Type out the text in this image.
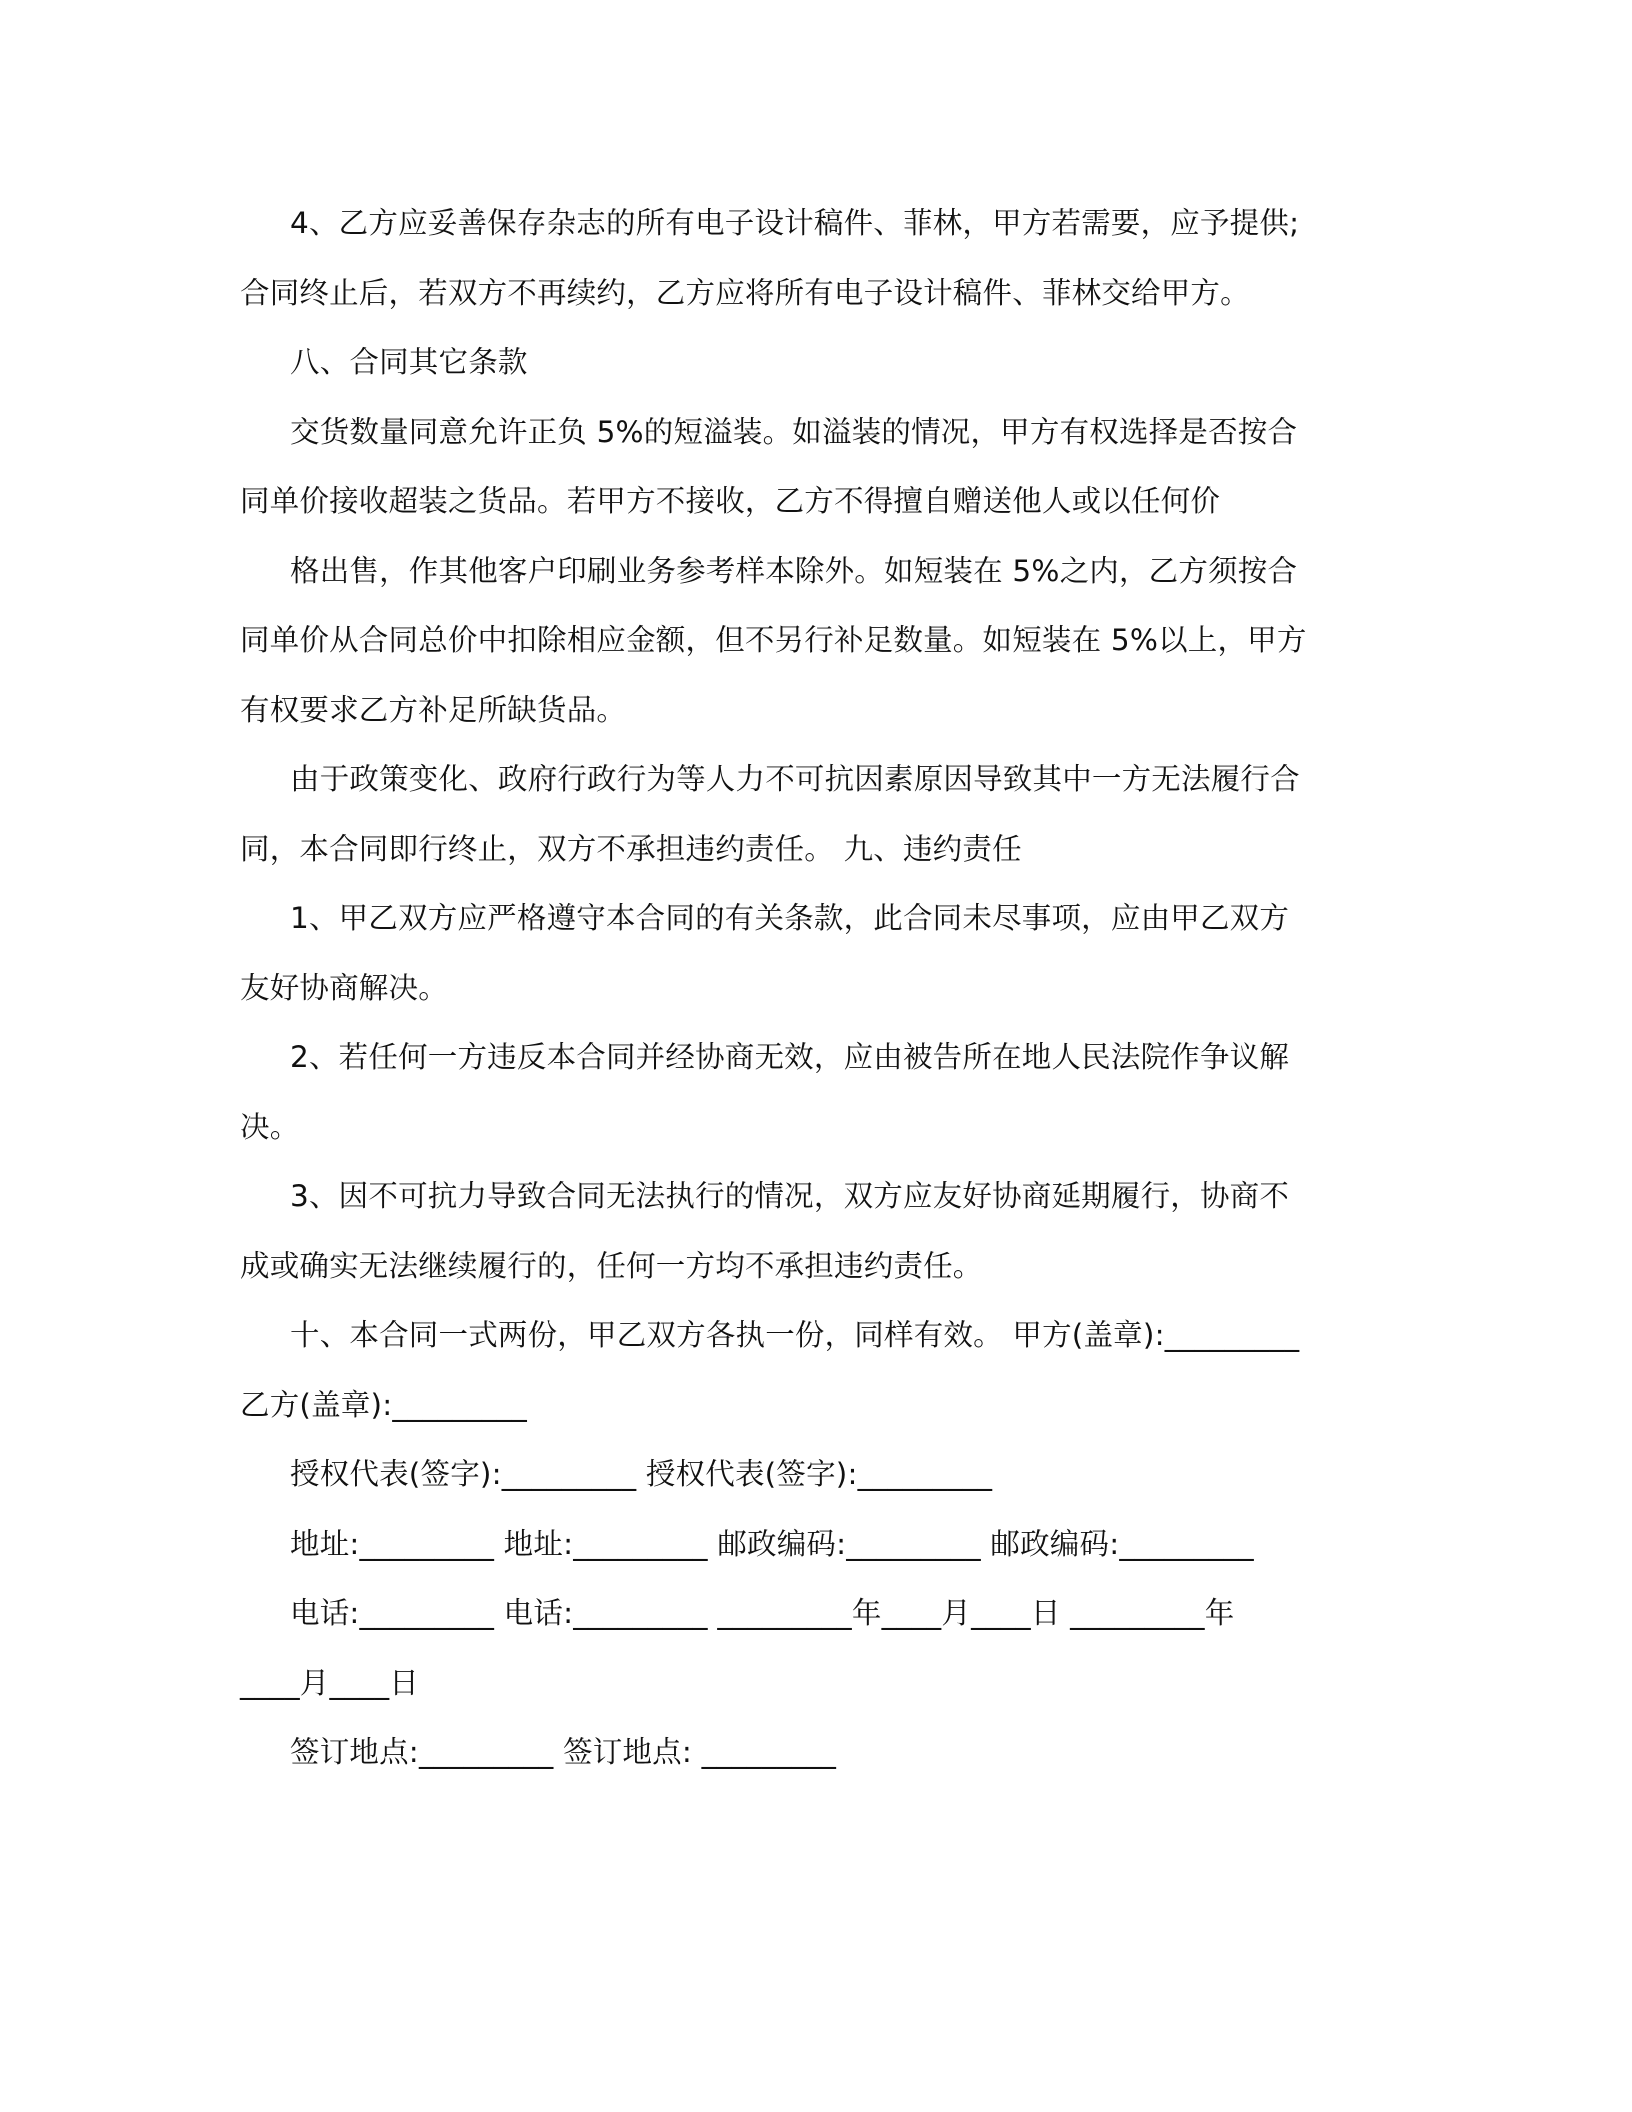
4、乙方应妥善保存杂志的所有电子设计稿件、菲林，甲方若需要，应予提供;
合同终止后，若双方不再续约，乙方应将所有电子设计稿件、菲林交给甲方。
八、合同其它条款
交货数量同意允许正负 5%的短溢装。如溢装的情况，甲方有权选择是否按合
同单价接收超装之货品。若甲方不接收，乙方不得擅自赠送他人或以任何价
格出售，作其他客户印刷业务参考样本除外。如短装在 5%之内，乙方须按合
同单价从合同总价中扣除相应金额，但不另行补足数量。如短装在 5%以上，甲方
有权要求乙方补足所缺货品。
由于政策变化、政府行政行为等人力不可抗因素原因导致其中一方无法履行合
同，本合同即行终止，双方不承担违约责任。 九、违约责任
1、甲乙双方应严格遵守本合同的有关条款，此合同未尽事项，应由甲乙双方
友好协商解决。
2、若任何一方违反本合同并经协商无效，应由被告所在地人民法院作争议解
决。
3、因不可抗力导致合同无法执行的情况，双方应友好协商延期履行，协商不
成或确实无法继续履行的，任何一方均不承担违约责任。
十、本合同一式两份，甲乙双方各执一份，同样有效。 甲方(盖章):_________
乙方(盖章):_________
授权代表(签字):_________ 授权代表(签字):_________
地址:_________ 地址:_________ 邮政编码:_________ 邮政编码:_________
电话:_________ 电话:_________ _________年____月____日 _________年
____月____日
签订地点:_________ 签订地点: _________
